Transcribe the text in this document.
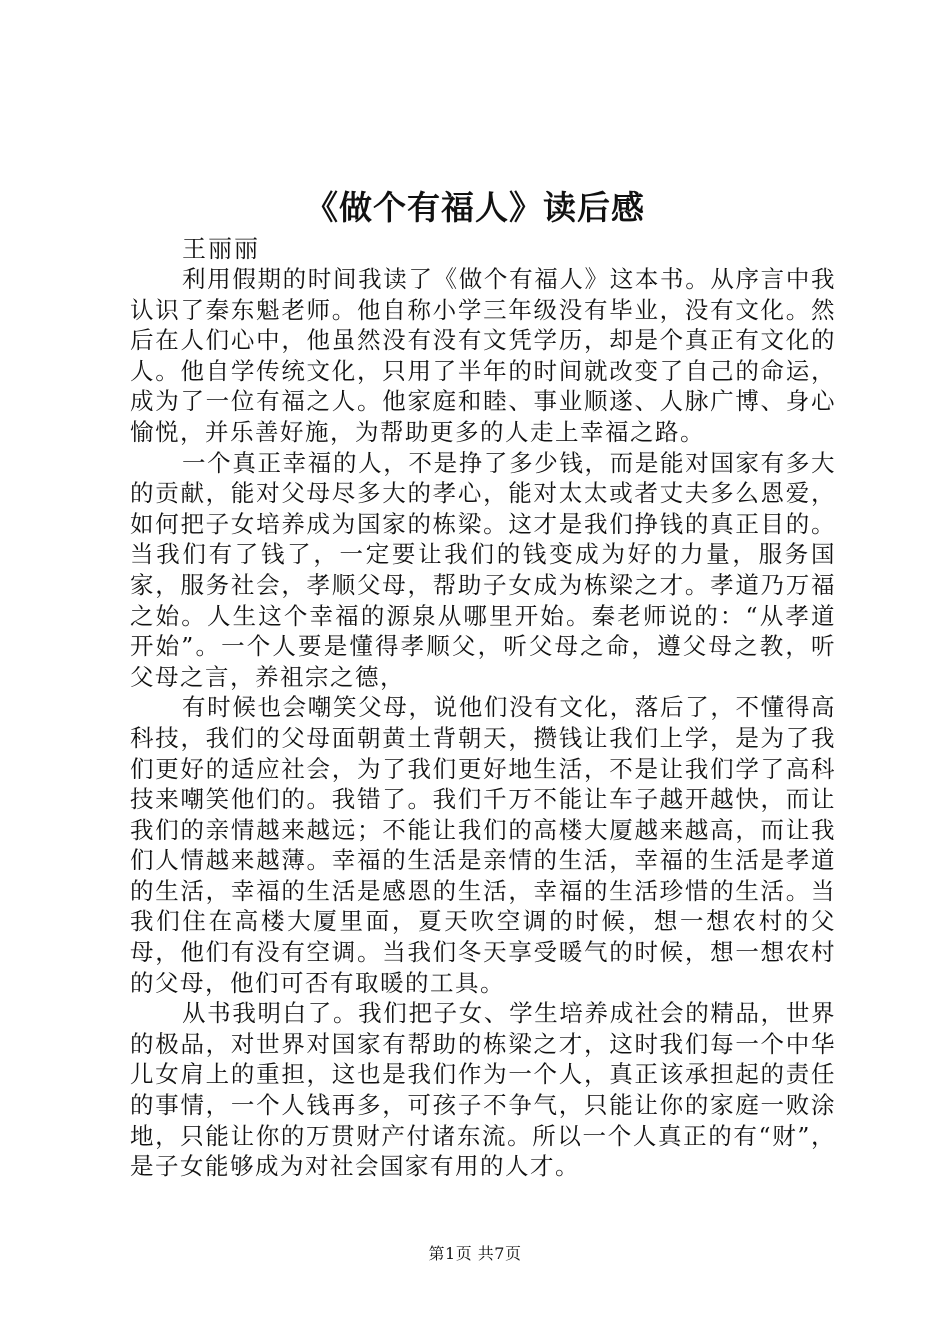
《做个有福人》读后感
王丽丽

利用假期的时间我读了《做个有福人》这本书。从序言中我认识了秦东魁老师。他自称小学三年级没有毕业，没有文化。然后在人们心中，他虽然没有没有文凭学历，却是个真正有文化的人。他自学传统文化，只用了半年的时间就改变了自己的命运，成为了一位有福之人。他家庭和睦、事业顺遂、人脉广博、身心愉悦，并乐善好施，为帮助更多的人走上幸福之路。

一个真正幸福的人，不是挣了多少钱，而是能对国家有多大的贡献，能对父母尽多大的孝心，能对太太或者丈夫多么恩爱，如何把子女培养成为国家的栋梁。这才是我们挣钱的真正目的。当我们有了钱了，一定要让我们的钱变成为好的力量，服务国家，服务社会，孝顺父母，帮助子女成为栋梁之才。孝道乃万福之始。人生这个幸福的源泉从哪里开始。秦老师说的：“从孝道开始”。一个人要是懂得孝顺父，听父母之命，遵父母之教，听父母之言，养祖宗之德，

有时候也会嘲笑父母，说他们没有文化，落后了，不懂得高科技，我们的父母面朝黄土背朝天，攒钱让我们上学，是为了我们更好的适应社会，为了我们更好地生活，不是让我们学了高科技来嘲笑他们的。我错了。我们千万不能让车子越开越快，而让我们的亲情越来越远；不能让我们的高楼大厦越来越高，而让我们人情越来越薄。幸福的生活是亲情的生活，幸福的生活是孝道的生活，幸福的生活是感恩的生活，幸福的生活珍惜的生活。当我们住在高楼大厦里面，夏天吹空调的时候，想一想农村的父母，他们有没有空调。当我们冬天享受暖气的时候，想一想农村的父母，他们可否有取暖的工具。

从书我明白了。我们把子女、学生培养成社会的精品，世界的极品，对世界对国家有帮助的栋梁之才，这时我们每一个中华儿女肩上的重担，这也是我们作为一个人，真正该承担起的责任的事情，一个人钱再多，可孩子不争气，只能让你的家庭一败涂地，只能让你的万贯财产付诸东流。所以一个人真正的有“财”，是子女能够成为对社会国家有用的人才。

第1页 共7页
